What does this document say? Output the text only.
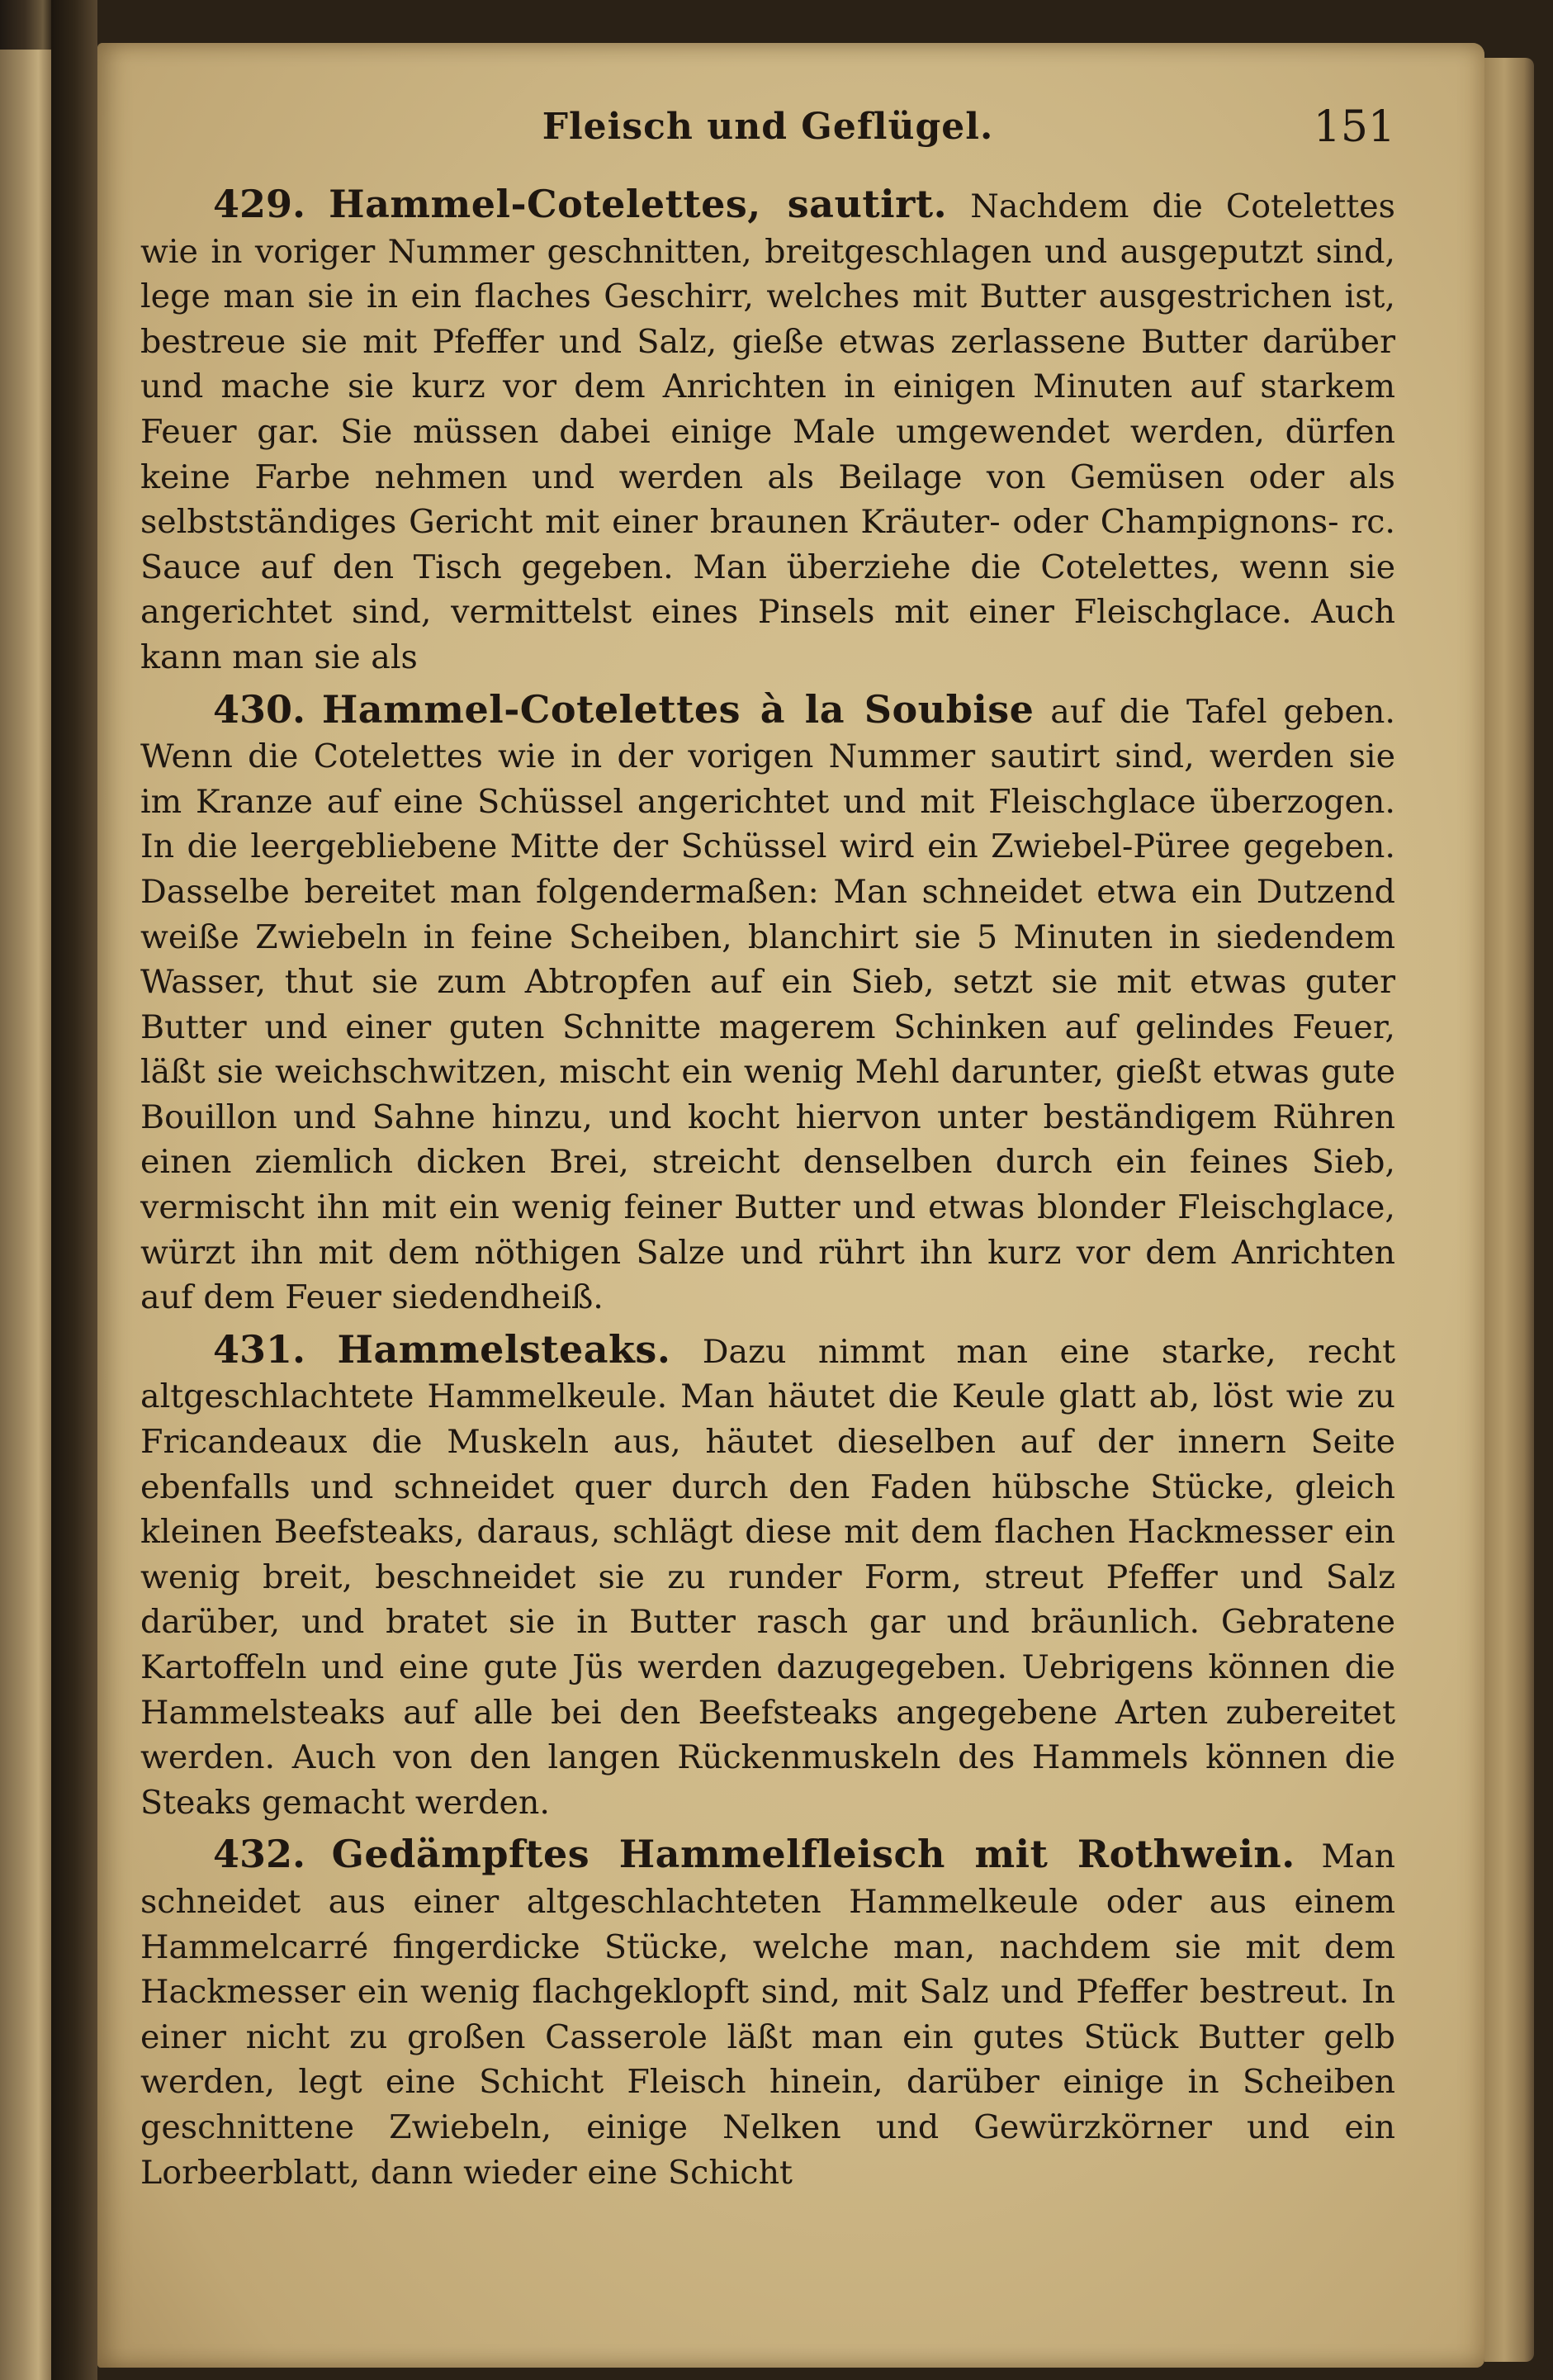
Fleisch und Geflügel.	151

429. Hammel-Cotelettes, sautirt. Nachdem die Cotelettes wie in voriger Nummer geschnitten, breitgeschlagen und ausgeputzt sind, lege man sie in ein flaches Geschirr, welches mit Butter ausgestrichen ist, bestreue sie mit Pfeffer und Salz, gieße etwas zerlassene Butter darüber und mache sie kurz vor dem Anrichten in einigen Minuten auf starkem Feuer gar. Sie müssen dabei einige Male umgewendet werden, dürfen keine Farbe nehmen und werden als Beilage von Gemüsen oder als selbstständiges Gericht mit einer braunen Kräuter- oder Champignons- rc. Sauce auf den Tisch gegeben. Man überziehe die Cotelettes, wenn sie angerichtet sind, vermittelst eines Pinsels mit einer Fleischglace. Auch kann man sie als

430. Hammel-Cotelettes à la Soubise auf die Tafel geben. Wenn die Cotelettes wie in der vorigen Nummer sautirt sind, werden sie im Kranze auf eine Schüssel angerichtet und mit Fleischglace überzogen. In die leergebliebene Mitte der Schüssel wird ein Zwiebel-Püree gegeben. Dasselbe bereitet man folgendermaßen: Man schneidet etwa ein Dutzend weiße Zwiebeln in feine Scheiben, blanchirt sie 5 Minuten in siedendem Wasser, thut sie zum Abtropfen auf ein Sieb, setzt sie mit etwas guter Butter und einer guten Schnitte magerem Schinken auf gelindes Feuer, läßt sie weichschwitzen, mischt ein wenig Mehl darunter, gießt etwas gute Bouillon und Sahne hinzu, und kocht hiervon unter beständigem Rühren einen ziemlich dicken Brei, streicht denselben durch ein feines Sieb, vermischt ihn mit ein wenig feiner Butter und etwas blonder Fleischglace, würzt ihn mit dem nöthigen Salze und rührt ihn kurz vor dem Anrichten auf dem Feuer siedendheiß.

431. Hammelsteaks. Dazu nimmt man eine starke, recht altgeschlachtete Hammelkeule. Man häutet die Keule glatt ab, löst wie zu Fricandeaux die Muskeln aus, häutet dieselben auf der innern Seite ebenfalls und schneidet quer durch den Faden hübsche Stücke, gleich kleinen Beefsteaks, daraus, schlägt diese mit dem flachen Hackmesser ein wenig breit, beschneidet sie zu runder Form, streut Pfeffer und Salz darüber, und bratet sie in Butter rasch gar und bräunlich. Gebratene Kartoffeln und eine gute Jüs werden dazugegeben. Uebrigens können die Hammelsteaks auf alle bei den Beefsteaks angegebene Arten zubereitet werden. Auch von den langen Rückenmuskeln des Hammels können die Steaks gemacht werden.

432. Gedämpftes Hammelfleisch mit Rothwein. Man schneidet aus einer altgeschlachteten Hammelkeule oder aus einem Hammelcarré fingerdicke Stücke, welche man, nachdem sie mit dem Hackmesser ein wenig flachgeklopft sind, mit Salz und Pfeffer bestreut. In einer nicht zu großen Casserole läßt man ein gutes Stück Butter gelb werden, legt eine Schicht Fleisch hinein, darüber einige in Scheiben geschnittene Zwiebeln, einige Nelken und Gewürzkörner und ein Lorbeerblatt, dann wieder eine Schicht
